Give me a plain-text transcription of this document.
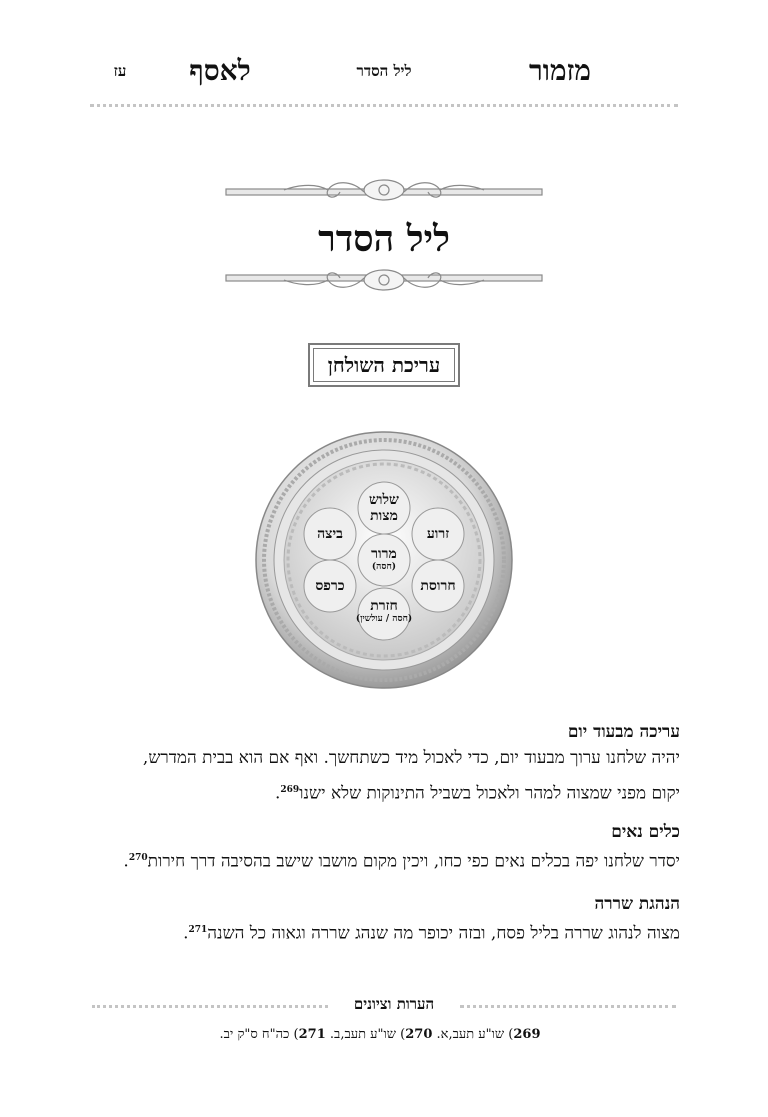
עז	לאסף	ליל הסדר	מזמור
ליל הסדר
עריכת השולחן
שלוש
מצות
זרוע
ביצה
מרור
(חסה)
חרוסת
כרפס
חזרת
(חסה / עולשין)
עריכה מבעוד יום
יהיה שלחנו ערוך מבעוד יום, כדי לאכול מיד כשתחשך. ואף אם הוא בבית המדרש,
יקום מפני שמצוה למהר ולאכול בשביל התינוקות שלא ישנו$^{269}$.
כלים נאים
יסדר שלחנו יפה בכלים נאים כפי כחו, ויכין מקום מושבו שישב בהסיבה דרך חירות$^{270}$.
הנהגת שררה
מצוה לנהוג שררה בליל פסח, ובזה יכופר מה שנהג שררה וגאוה כל השנה$^{271}$.
הערות וציונים
269) שו"ע תעב,א. 270) שו"ע תעב,ב. 271) כה"ח ס"ק יב.
